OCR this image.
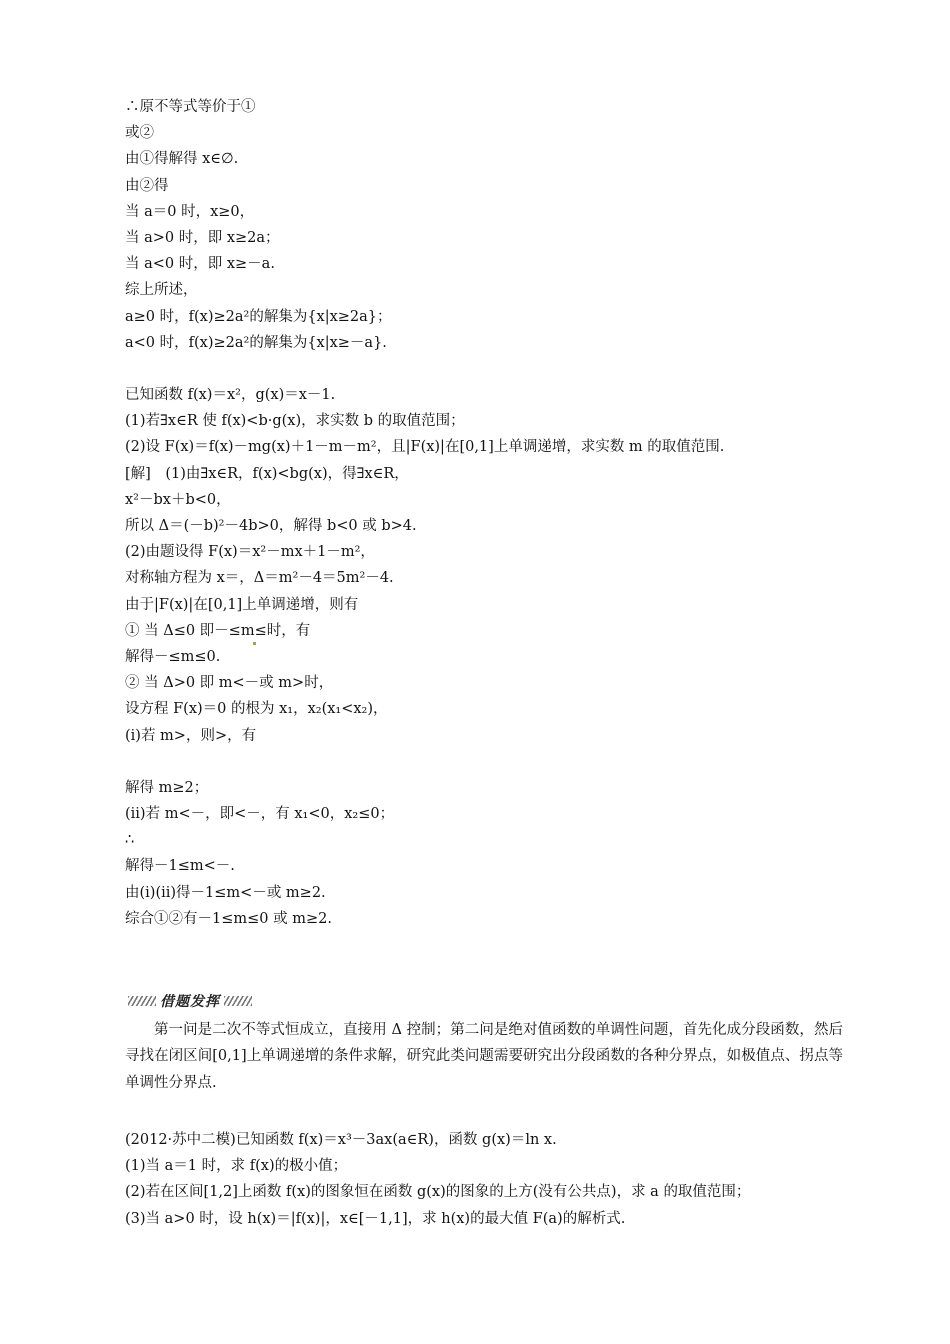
∴原不等式等价于①
或②
由①得解得 x∈∅.
由②得
当 a＝0 时，x≥0，
当 a>0 时，即 x≥2a；
当 a<0 时，即 x≥－a.
综上所述，
a≥0 时，f(x)≥2a²的解集为{x|x≥2a}；
a<0 时，f(x)≥2a²的解集为{x|x≥－a}.
已知函数 f(x)＝x²，g(x)＝x－1.
(1)若∃x∈R 使 f(x)<b·g(x)，求实数 b 的取值范围；
(2)设 F(x)＝f(x)－mg(x)＋1－m－m²，且|F(x)|在[0,1]上单调递增，求实数 m 的取值范围.
[解]　(1)由∃x∈R，f(x)<bg(x)，得∃x∈R，
x²－bx＋b<0，
所以 Δ＝(－b)²－4b>0，解得 b<0 或 b>4.
(2)由题设得 F(x)＝x²－mx＋1－m²，
对称轴方程为 x＝，Δ＝m²－4＝5m²－4.
由于|F(x)|在[0,1]上单调递增，则有
① 当 Δ≤0 即－≤m≤时，有
解得－≤m≤0.
② 当 Δ>0 即 m<－或 m>时，
设方程 F(x)＝0 的根为 x₁，x₂(x₁<x₂)，
(ⅰ)若 m>，则>，有
解得 m≥2；
(ⅱ)若 m<－，即<－，有 x₁<0，x₂≤0；
∴
解得－1≤m<－.
由(ⅰ)(ⅱ)得－1≤m<－或 m≥2.
综合①②有－1≤m≤0 或 m≥2.
借题发挥
第一问是二次不等式恒成立，直接用 Δ 控制；第二问是绝对值函数的单调性问题，首先化成分段函数，然后寻找在闭区间[0,1]上单调递增的条件求解，研究此类问题需要研究出分段函数的各种分界点，如极值点、拐点等单调性分界点.
(2012·苏中二模)已知函数 f(x)＝x³－3ax(a∈R)，函数 g(x)＝ln x.
(1)当 a＝1 时，求 f(x)的极小值；
(2)若在区间[1,2]上函数 f(x)的图象恒在函数 g(x)的图象的上方(没有公共点)，求 a 的取值范围；
(3)当 a>0 时，设 h(x)＝|f(x)|，x∈[－1,1]，求 h(x)的最大值 F(a)的解析式.
